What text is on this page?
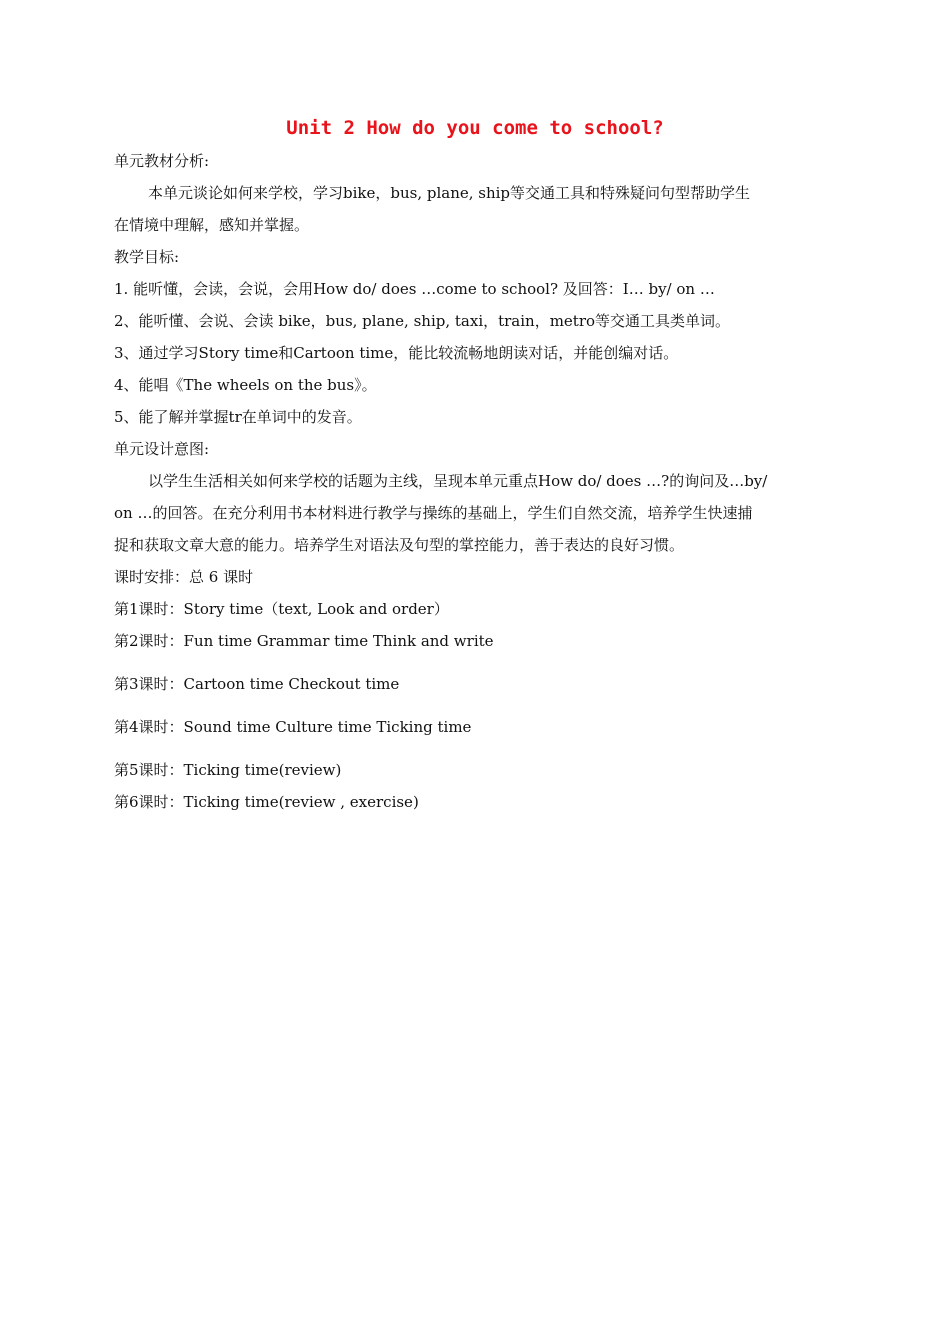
Unit 2 How do you come to school?
单元教材分析:
本单元谈论如何来学校，学习bike，bus, plane, ship等交通工具和特殊疑问句型帮助学生
在情境中理解，感知并掌握。
教学目标:
1. 能听懂，会读，会说，会用How do/ does …come to school? 及回答：I… by/ on …
2、能听懂、会说、会读 bike，bus, plane, ship, taxi，train，metro等交通工具类单词。
3、通过学习Story time和Cartoon time，能比较流畅地朗读对话，并能创编对话。
4、能唱《The wheels on the bus》。
5、能了解并掌握tr在单词中的发音。
单元设计意图:
以学生生活相关如何来学校的话题为主线，呈现本单元重点How do/ does …?的询问及…by/
on …的回答。在充分利用书本材料进行教学与操练的基础上，学生们自然交流，培养学生快速捕
捉和获取文章大意的能力。培养学生对语法及句型的掌控能力，善于表达的良好习惯。
课时安排：总 6 课时
第1课时：Story time（text, Look and order）
第2课时：Fun time Grammar time Think and write
第3课时：Cartoon time Checkout time
第4课时：Sound time Culture time Ticking time
第5课时：Ticking time(review)
第6课时：Ticking time(review , exercise)
